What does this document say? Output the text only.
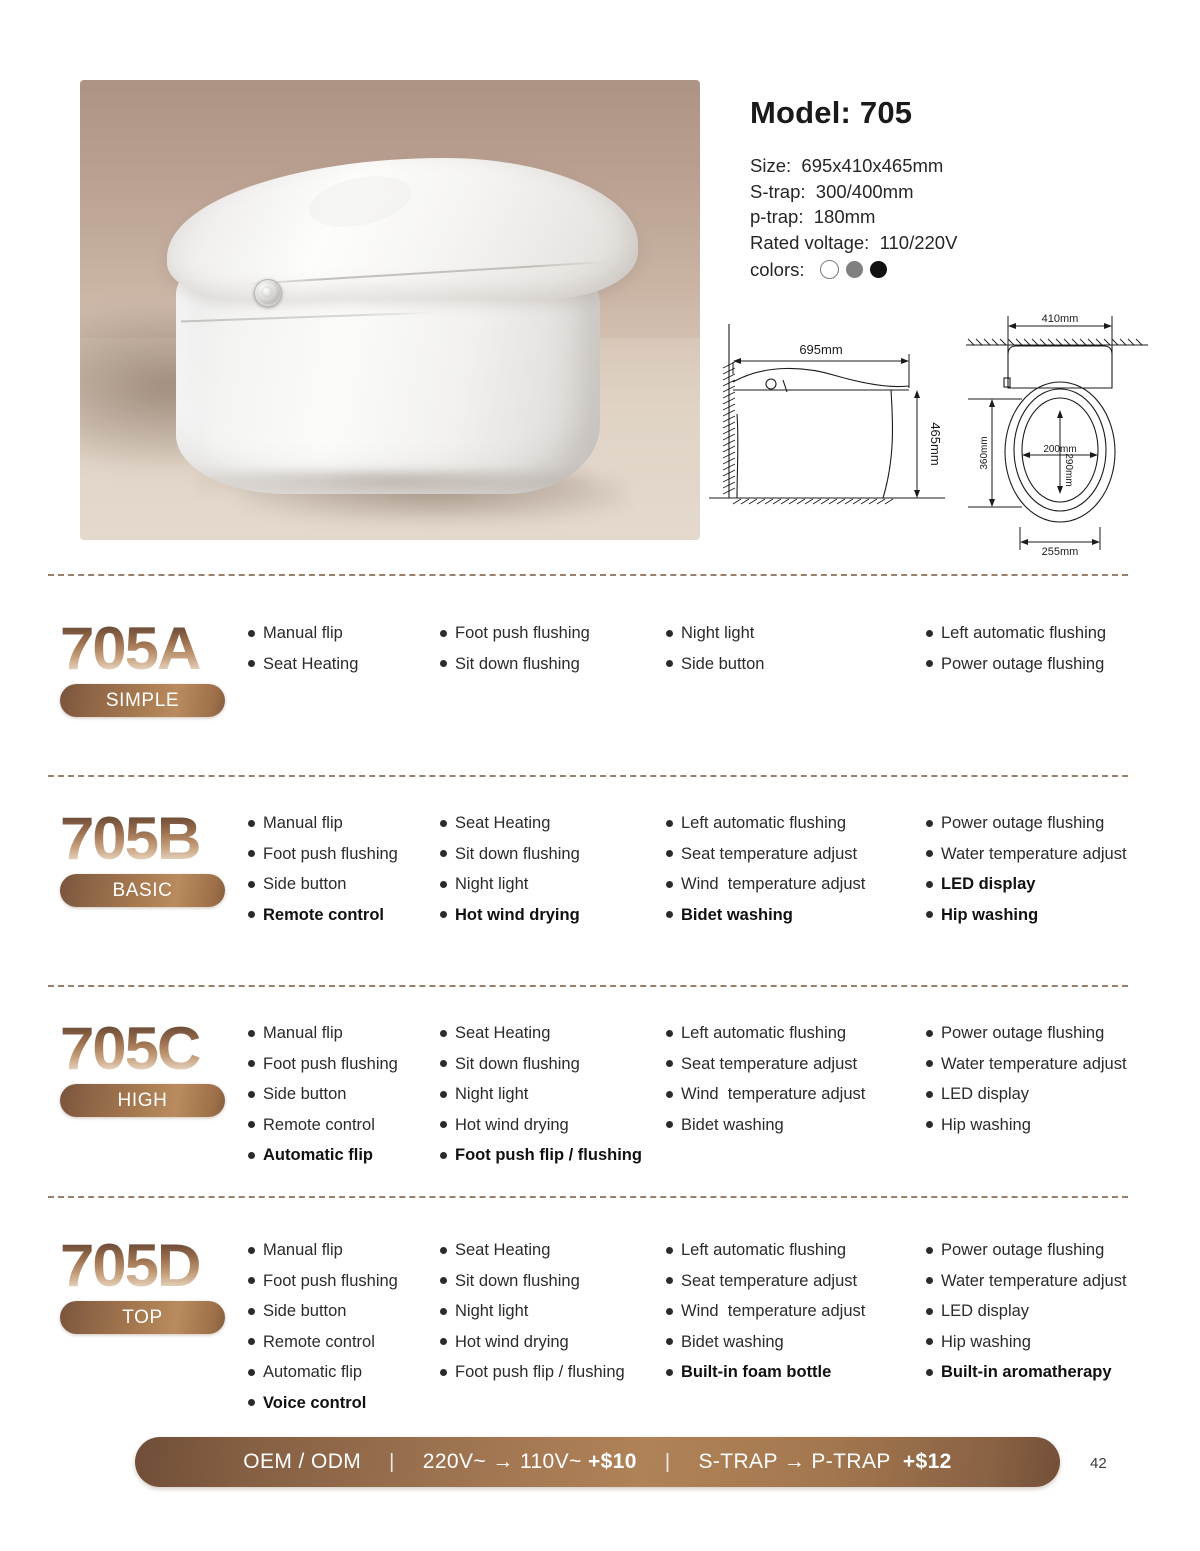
Model: 705
Size:  695x410x465mm
S-trap:  300/400mm
p-trap:  180mm
Rated voltage:  110/220V
colors:
695mm
465mm
410mm
360mm	200mm
290mm
255mm
705A
SIMPLE
Manual flip	Foot push flushing	Night light	Left automatic flushing
Seat Heating	Sit down flushing	Side button	Power outage flushing
705B
BASIC
Manual flip	Seat Heating	Left automatic flushing	Power outage flushing
Foot push flushing	Sit down flushing	Seat temperature adjust	Water temperature adjust
Side button	Night light	Wind  temperature adjust	LED display
Remote control	Hot wind drying	Bidet washing	Hip washing
705C
HIGH
Manual flip	Seat Heating	Left automatic flushing	Power outage flushing
Foot push flushing	Sit down flushing	Seat temperature adjust	Water temperature adjust
Side button	Night light	Wind  temperature adjust	LED display
Remote control	Hot wind drying	Bidet washing	Hip washing
Automatic flip	Foot push flip / flushing
705D
TOP
Manual flip	Seat Heating	Left automatic flushing	Power outage flushing
Foot push flushing	Sit down flushing	Seat temperature adjust	Water temperature adjust
Side button	Night light	Wind  temperature adjust	LED display
Remote control	Hot wind drying	Bidet washing	Hip washing
Automatic flip	Foot push flip / flushing	Built-in foam bottle	Built-in aromatherapy
Voice control
OEM / ODM	|	220V~ → 110V~ +$10	|	S-TRAP → P-TRAP +$12	42
